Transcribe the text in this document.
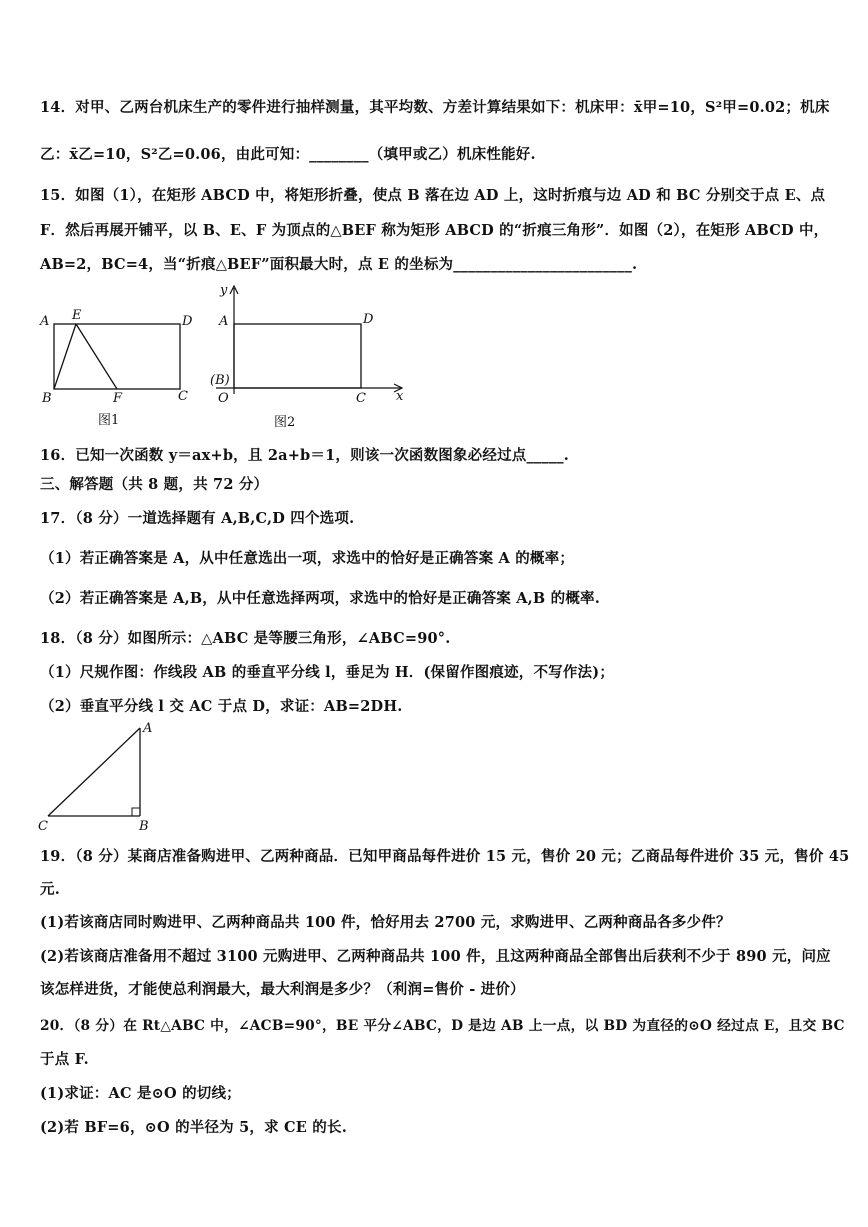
14．对甲、乙两台机床生产的零件进行抽样测量，其平均数、方差计算结果如下：机床甲：x̄甲=10，S²甲=0.02；机床
乙：x̄乙=10，S²乙=0.06，由此可知：________（填甲或乙）机床性能好.
15．如图（1），在矩形 ABCD 中，将矩形折叠，使点 B 落在边 AD 上，这时折痕与边 AD 和 BC 分别交于点 E、点
F．然后再展开铺平，以 B、E、F 为顶点的△BEF 称为矩形 ABCD 的“折痕三角形”．如图（2），在矩形 ABCD 中，
AB=2，BC=4，当“折痕△BEF”面积最大时，点 E 的坐标为________________________.
A E	D
B	F	C
图1
y
A	D
(B)
O	C x
图2
16．已知一次函数 y＝ax+b，且 2a+b＝1，则该一次函数图象必经过点_____.
三、解答题（共 8 题，共 72 分）
17．（8 分）一道选择题有 A,B,C,D 四个选项.
（1）若正确答案是 A，从中任意选出一项，求选中的恰好是正确答案 A 的概率；
（2）若正确答案是 A,B，从中任意选择两项，求选中的恰好是正确答案 A,B 的概率.
18．（8 分）如图所示：△ABC 是等腰三角形，∠ABC=90°.
（1）尺规作图：作线段 AB 的垂直平分线 l，垂足为 H．(保留作图痕迹，不写作法)；
（2）垂直平分线 l 交 AC 于点 D，求证：AB=2DH.
A
C	B
19．（8 分）某商店准备购进甲、乙两种商品．已知甲商品每件进价 15 元，售价 20 元；乙商品每件进价 35 元，售价 45
元.
(1)若该商店同时购进甲、乙两种商品共 100 件，恰好用去 2700 元，求购进甲、乙两种商品各多少件？
(2)若该商店准备用不超过 3100 元购进甲、乙两种商品共 100 件，且这两种商品全部售出后获利不少于 890 元，问应
该怎样进货，才能使总利润最大，最大利润是多少？（利润=售价 - 进价）
20．（8 分）在 Rt△ABC 中，∠ACB=90°，BE 平分∠ABC，D 是边 AB 上一点，以 BD 为直径的⊙O 经过点 E，且交 BC
于点 F.
(1)求证：AC 是⊙O 的切线；
(2)若 BF=6，⊙O 的半径为 5，求 CE 的长.
